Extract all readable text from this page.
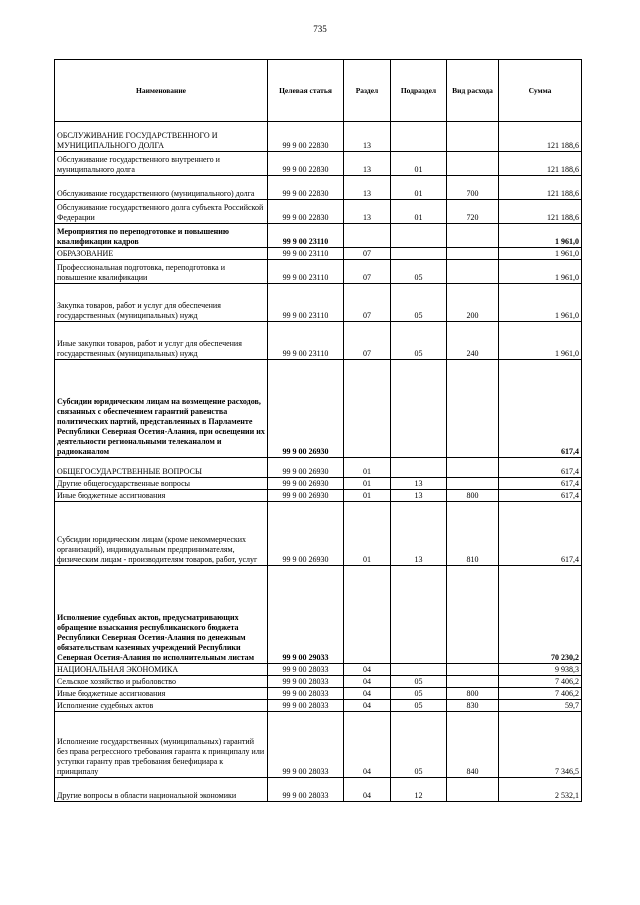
735
Наименование	Целевая статья	Раздел	Подраздел	Вид расхода	Сумма
ОБСЛУЖИВАНИЕ ГОСУДАРСТВЕННОГО И МУНИЦИПАЛЬНОГО ДОЛГА	99 9 00 22830	13			121 188,6
Обслуживание государственного внутреннего и муниципального долга	99 9 00 22830	13	01		121 188,6
Обслуживание государственного (муниципального) долга	99 9 00 22830	13	01	700	121 188,6
Обслуживание государственного долга субъекта Российской Федерации	99 9 00 22830	13	01	720	121 188,6
Мероприятия по переподготовке и повышению квалификации кадров	99 9 00 23110				1 961,0
ОБРАЗОВАНИЕ	99 9 00 23110	07			1 961,0
Профессиональная подготовка, переподготовка и повышение квалификации	99 9 00 23110	07	05		1 961,0
Закупка товаров, работ и услуг для обеспечения государственных (муниципальных) нужд	99 9 00 23110	07	05	200	1 961,0
Иные закупки товаров, работ и услуг для обеспечения государственных (муниципальных) нужд	99 9 00 23110	07	05	240	1 961,0
Субсидии юридическим лицам на возмещение расходов, связанных с обеспечением гарантий равенства политических партий, представленных в Парламенте Республики Северная Осетия-Алания, при освещении их деятельности региональными телеканалом и радиоканалом	99 9 00 26930				617,4
ОБЩЕГОСУДАРСТВЕННЫЕ ВОПРОСЫ	99 9 00 26930	01			617,4
Другие общегосударственные вопросы	99 9 00 26930	01	13		617,4
Иные бюджетные ассигнования	99 9 00 26930	01	13	800	617,4
Субсидии юридическим лицам (кроме некоммерческих организаций), индивидуальным предпринимателям, физическим лицам - производителям товаров, работ, услуг	99 9 00 26930	01	13	810	617,4
Исполнение судебных актов, предусматривающих обращение взыскания республиканского бюджета Республики Северная Осетия-Алания по денежным обязательствам казенных учреждений Республики Северная Осетия-Алания по исполнительным листам	99 9 00 29033				70 230,2
НАЦИОНАЛЬНАЯ ЭКОНОМИКА	99 9 00 28033	04			9 938,3
Сельское хозяйство и рыболовство	99 9 00 28033	04	05		7 406,2
Иные бюджетные ассигнования	99 9 00 28033	04	05	800	7 406,2
Исполнение судебных актов	99 9 00 28033	04	05	830	59,7
Исполнение государственных (муниципальных) гарантий без права регрессного требования гаранта к принципалу или уступки гаранту прав требования бенефициара к принципалу	99 9 00 28033	04	05	840	7 346,5
Другие вопросы в области национальной экономики	99 9 00 28033	04	12		2 532,1
